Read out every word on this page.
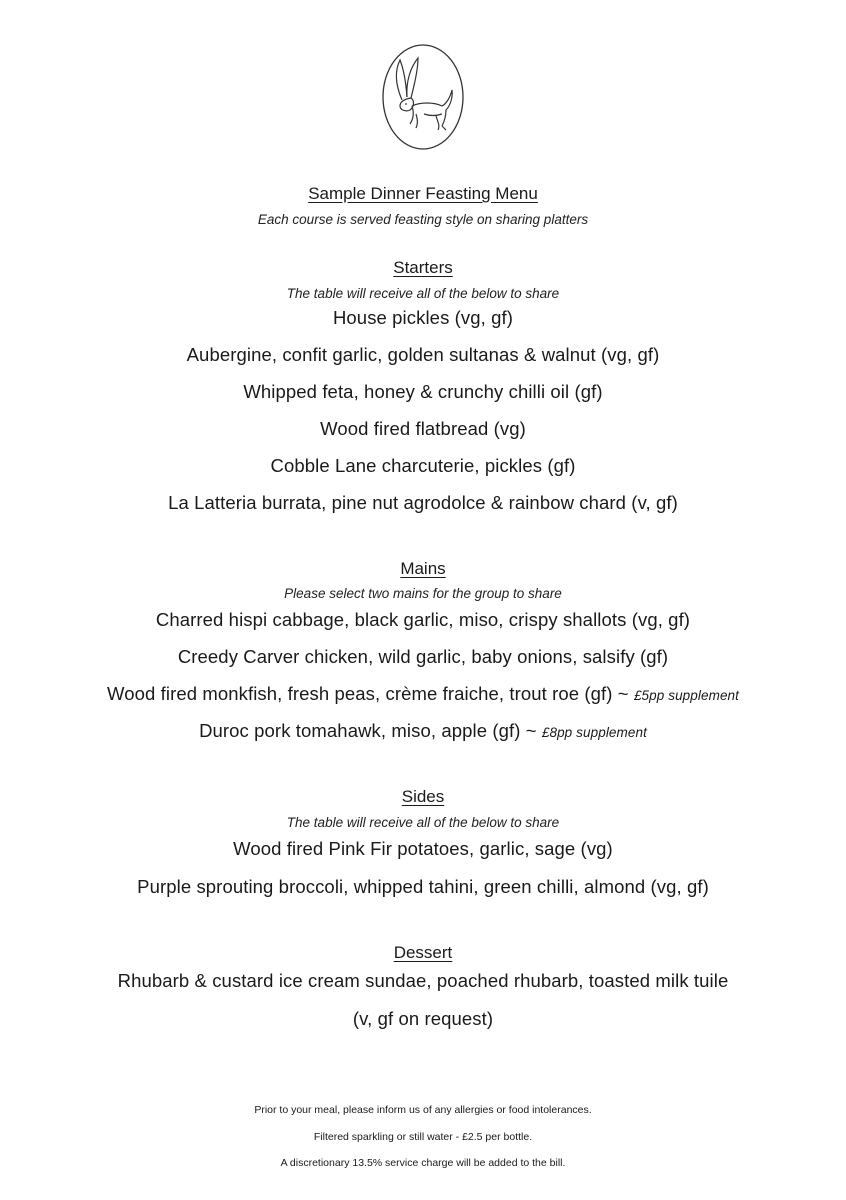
Sample Dinner Feasting Menu
Each course is served feasting style on sharing platters
Starters
The table will receive all of the below to share
House pickles (vg, gf)
Aubergine, confit garlic, golden sultanas & walnut (vg, gf)
Whipped feta, honey & crunchy chilli oil (gf)
Wood fired flatbread (vg)
Cobble Lane charcuterie, pickles (gf)
La Latteria burrata, pine nut agrodolce & rainbow chard (v, gf)
Mains
Please select two mains for the group to share
Charred hispi cabbage, black garlic, miso, crispy shallots (vg, gf)
Creedy Carver chicken, wild garlic, baby onions, salsify (gf)
Wood fired monkfish, fresh peas, crème fraiche, trout roe (gf) ~ £5pp supplement
Duroc pork tomahawk, miso, apple (gf) ~ £8pp supplement
Sides
The table will receive all of the below to share
Wood fired Pink Fir potatoes, garlic, sage (vg)
Purple sprouting broccoli, whipped tahini, green chilli, almond (vg, gf)
Dessert
Rhubarb & custard ice cream sundae, poached rhubarb, toasted milk tuile
(v, gf on request)
Prior to your meal, please inform us of any allergies or food intolerances.
Filtered sparkling or still water - £2.5 per bottle.
A discretionary 13.5% service charge will be added to the bill.
